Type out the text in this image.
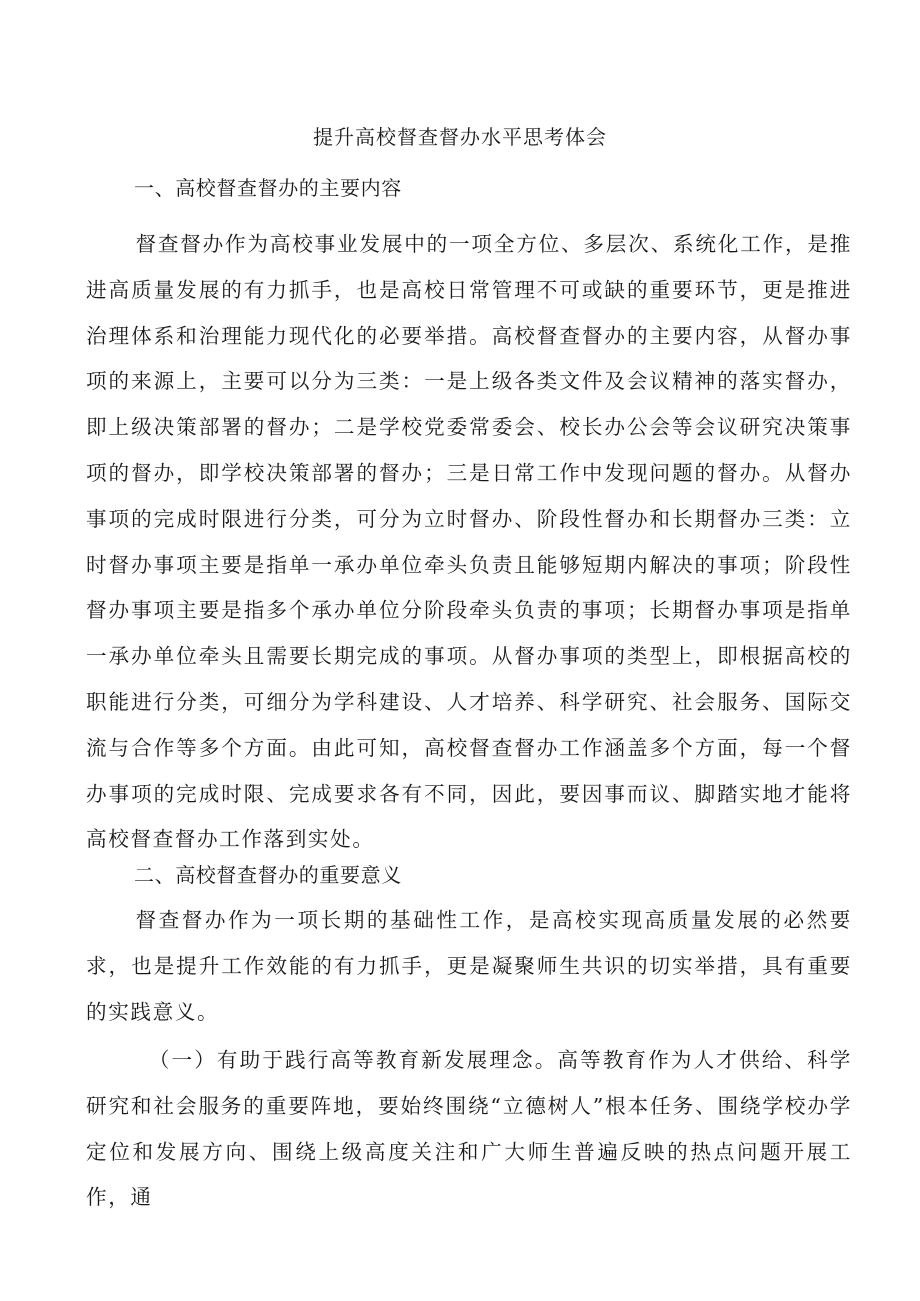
提升高校督查督办水平思考体会
一、高校督查督办的主要内容

督查督办作为高校事业发展中的一项全方位、多层次、系统化工作，是推进高质量发展的有力抓手，也是高校日常管理不可或缺的重要环节，更是推进治理体系和治理能力现代化的必要举措。高校督查督办的主要内容，从督办事项的来源上，主要可以分为三类：一是上级各类文件及会议精神的落实督办，即上级决策部署的督办；二是学校党委常委会、校长办公会等会议研究决策事项的督办，即学校决策部署的督办；三是日常工作中发现问题的督办。从督办事项的完成时限进行分类，可分为立时督办、阶段性督办和长期督办三类：立时督办事项主要是指单一承办单位牵头负责且能够短期内解决的事项；阶段性督办事项主要是指多个承办单位分阶段牵头负责的事项；长期督办事项是指单一承办单位牵头且需要长期完成的事项。从督办事项的类型上，即根据高校的职能进行分类，可细分为学科建设、人才培养、科学研究、社会服务、国际交流与合作等多个方面。由此可知，高校督查督办工作涵盖多个方面，每一个督办事项的完成时限、完成要求各有不同，因此，要因事而议、脚踏实地才能将高校督查督办工作落到实处。

二、高校督查督办的重要意义

督查督办作为一项长期的基础性工作，是高校实现高质量发展的必然要求，也是提升工作效能的有力抓手，更是凝聚师生共识的切实举措，具有重要的实践意义。

（一）有助于践行高等教育新发展理念。高等教育作为人才供给、科学研究和社会服务的重要阵地，要始终围绕“立德树人”根本任务、围绕学校办学定位和发展方向、围绕上级高度关注和广大师生普遍反映的热点问题开展工作，通
